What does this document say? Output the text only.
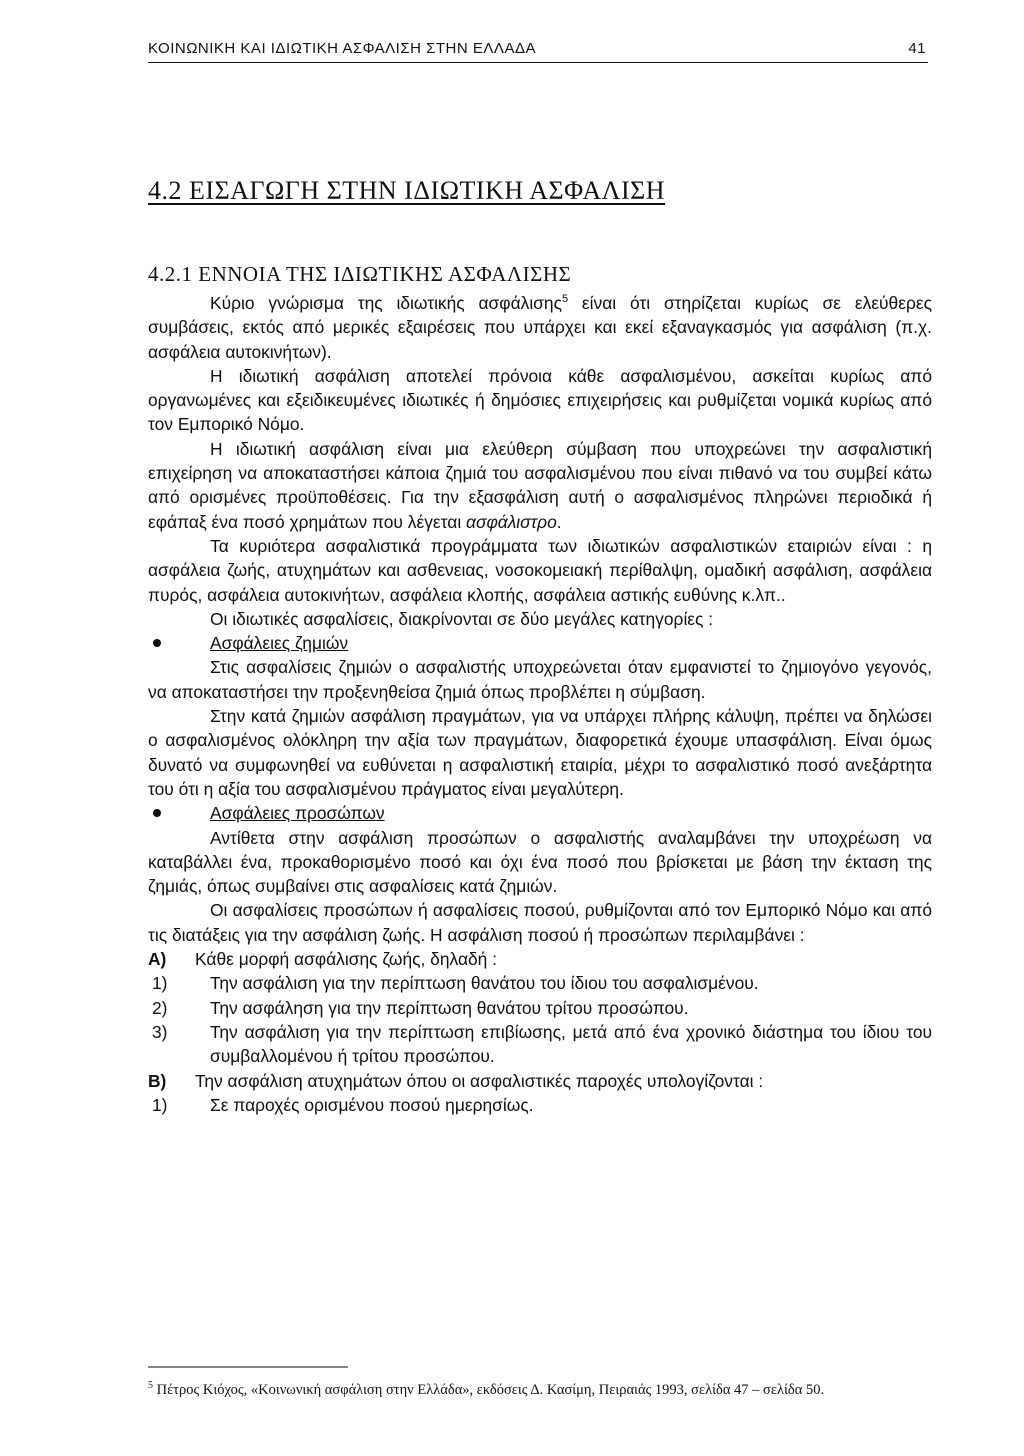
ΚΟΙΝΩΝΙΚΗ ΚΑΙ ΙΔΙΩΤΙΚΗ ΑΣΦΑΛΙΣΗ ΣΤΗΝ ΕΛΛΑΔΑ	41
4.2 ΕΙΣΑΓΩΓΗ ΣΤΗΝ ΙΔΙΩΤΙΚΗ ΑΣΦΑΛΙΣΗ
4.2.1 ΕΝΝΟΙΑ ΤΗΣ ΙΔΙΩΤΙΚΗΣ ΑΣΦΑΛΙΣΗΣ

Κύριο γνώρισμα της ιδιωτικής ασφάλισης$^5$ είναι ότι στηρίζεται κυρίως σε ελεύθερες συμβάσεις, εκτός από μερικές εξαιρέσεις που υπάρχει και εκεί εξαναγκασμός για ασφάλιση (π.χ. ασφάλεια αυτοκινήτων).

Η ιδιωτική ασφάλιση αποτελεί πρόνοια κάθε ασφαλισμένου, ασκείται κυρίως από οργανωμένες και εξειδικευμένες ιδιωτικές ή δημόσιες επιχειρήσεις και ρυθμίζεται νομικά κυρίως από τον Εμπορικό Νόμο.

Η ιδιωτική ασφάλιση είναι μια ελεύθερη σύμβαση που υποχρεώνει την ασφαλιστική επιχείρηση να αποκαταστήσει κάποια ζημιά του ασφαλισμένου που είναι πιθανό να του συμβεί κάτω από ορισμένες προϋποθέσεις. Για την εξασφάλιση αυτή ο ασφαλισμένος πληρώνει περιοδικά ή εφάπαξ ένα ποσό χρημάτων που λέγεται ασφάλιστρο.

Τα κυριότερα ασφαλιστικά προγράμματα των ιδιωτικών ασφαλιστικών εταιριών είναι : η ασφάλεια ζωής, ατυχημάτων και ασθενειας, νοσοκομειακή περίθαλψη, ομαδική ασφάλιση, ασφάλεια πυρός, ασφάλεια αυτοκινήτων, ασφάλεια κλοπής, ασφάλεια αστικής ευθύνης κ.λπ..

Οι ιδιωτικές ασφαλίσεις, διακρίνονται σε δύο μεγάλες κατηγορίες :

Ασφάλειες ζημιών

Στις ασφαλίσεις ζημιών ο ασφαλιστής υποχρεώνεται όταν εμφανιστεί το ζημιογόνο γεγονός, να αποκαταστήσει την προξενηθείσα ζημιά όπως προβλέπει η σύμβαση.

Στην κατά ζημιών ασφάλιση πραγμάτων, για να υπάρχει πλήρης κάλυψη, πρέπει να δηλώσει ο ασφαλισμένος ολόκληρη την αξία των πραγμάτων, διαφορετικά έχουμε υπασφάλιση. Είναι όμως δυνατό να συμφωνηθεί να ευθύνεται η ασφαλιστική εταιρία, μέχρι το ασφαλιστικό ποσό ανεξάρτητα του ότι η αξία του ασφαλισμένου πράγματος είναι μεγαλύτερη.

Ασφάλειες προσώπων

Αντίθετα στην ασφάλιση προσώπων ο ασφαλιστής αναλαμβάνει την υποχρέωση να καταβάλλει ένα, προκαθορισμένο ποσό και όχι ένα ποσό που βρίσκεται με βάση την έκταση της ζημιάς, όπως συμβαίνει στις ασφαλίσεις κατά ζημιών.

Οι ασφαλίσεις προσώπων ή ασφαλίσεις ποσού, ρυθμίζονται από τον Εμπορικό Νόμο και από τις διατάξεις για την ασφάλιση ζωής. Η ασφάλιση ποσού ή προσώπων περιλαμβάνει :

Α) Κάθε μορφή ασφάλισης ζωής, δηλαδή :
1) Την ασφάλιση για την περίπτωση θανάτου του ίδιου του ασφαλισμένου.
2) Την ασφάληση για την περίπτωση θανάτου τρίτου προσώπου.
3) Την ασφάλιση για την περίπτωση επιβίωσης, μετά από ένα χρονικό διάστημα του ίδιου του συμβαλλομένου ή τρίτου προσώπου.
Β) Την ασφάλιση ατυχημάτων όπου οι ασφαλιστικές παροχές υπολογίζονται :
1) Σε παροχές ορισμένου ποσού ημερησίως.
$^5$ Πέτρος Κιόχος, «Κοινωνική ασφάλιση στην Ελλάδα», εκδόσεις Δ. Κασίμη, Πειραιάς 1993, σελίδα 47 – σελίδα 50.
